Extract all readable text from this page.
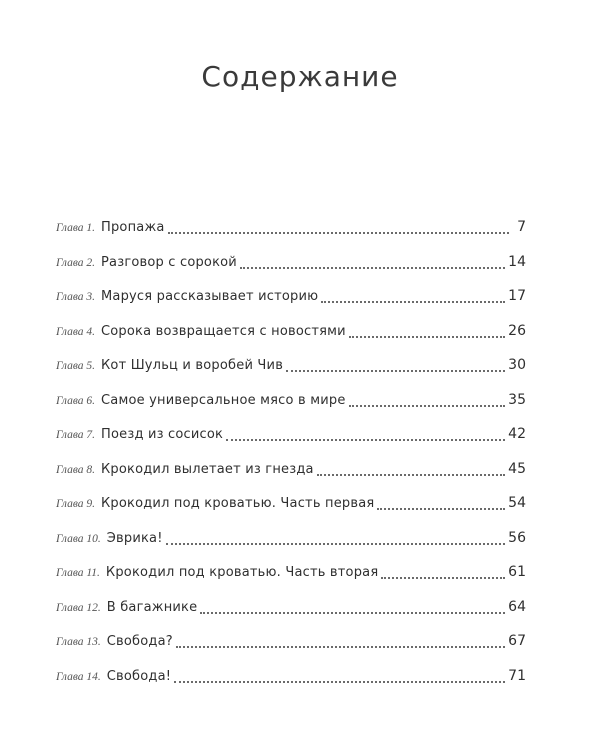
Содержание
Глава 1. Пропажа	7
Глава 2. Разговор с сорокой	14
Глава 3. Маруся рассказывает историю	17
Глава 4. Сорока возвращается с новостями	26
Глава 5. Кот Шульц и воробей Чив	30
Глава 6. Самое универсальное мясо в мире	35
Глава 7. Поезд из сосисок	42
Глава 8. Крокодил вылетает из гнезда	45
Глава 9. Крокодил под кроватью. Часть первая	54
Глава 10. Эврика!	56
Глава 11. Крокодил под кроватью. Часть вторая	61
Глава 12. В багажнике	64
Глава 13. Свобода?	67
Глава 14. Свобода!	71
